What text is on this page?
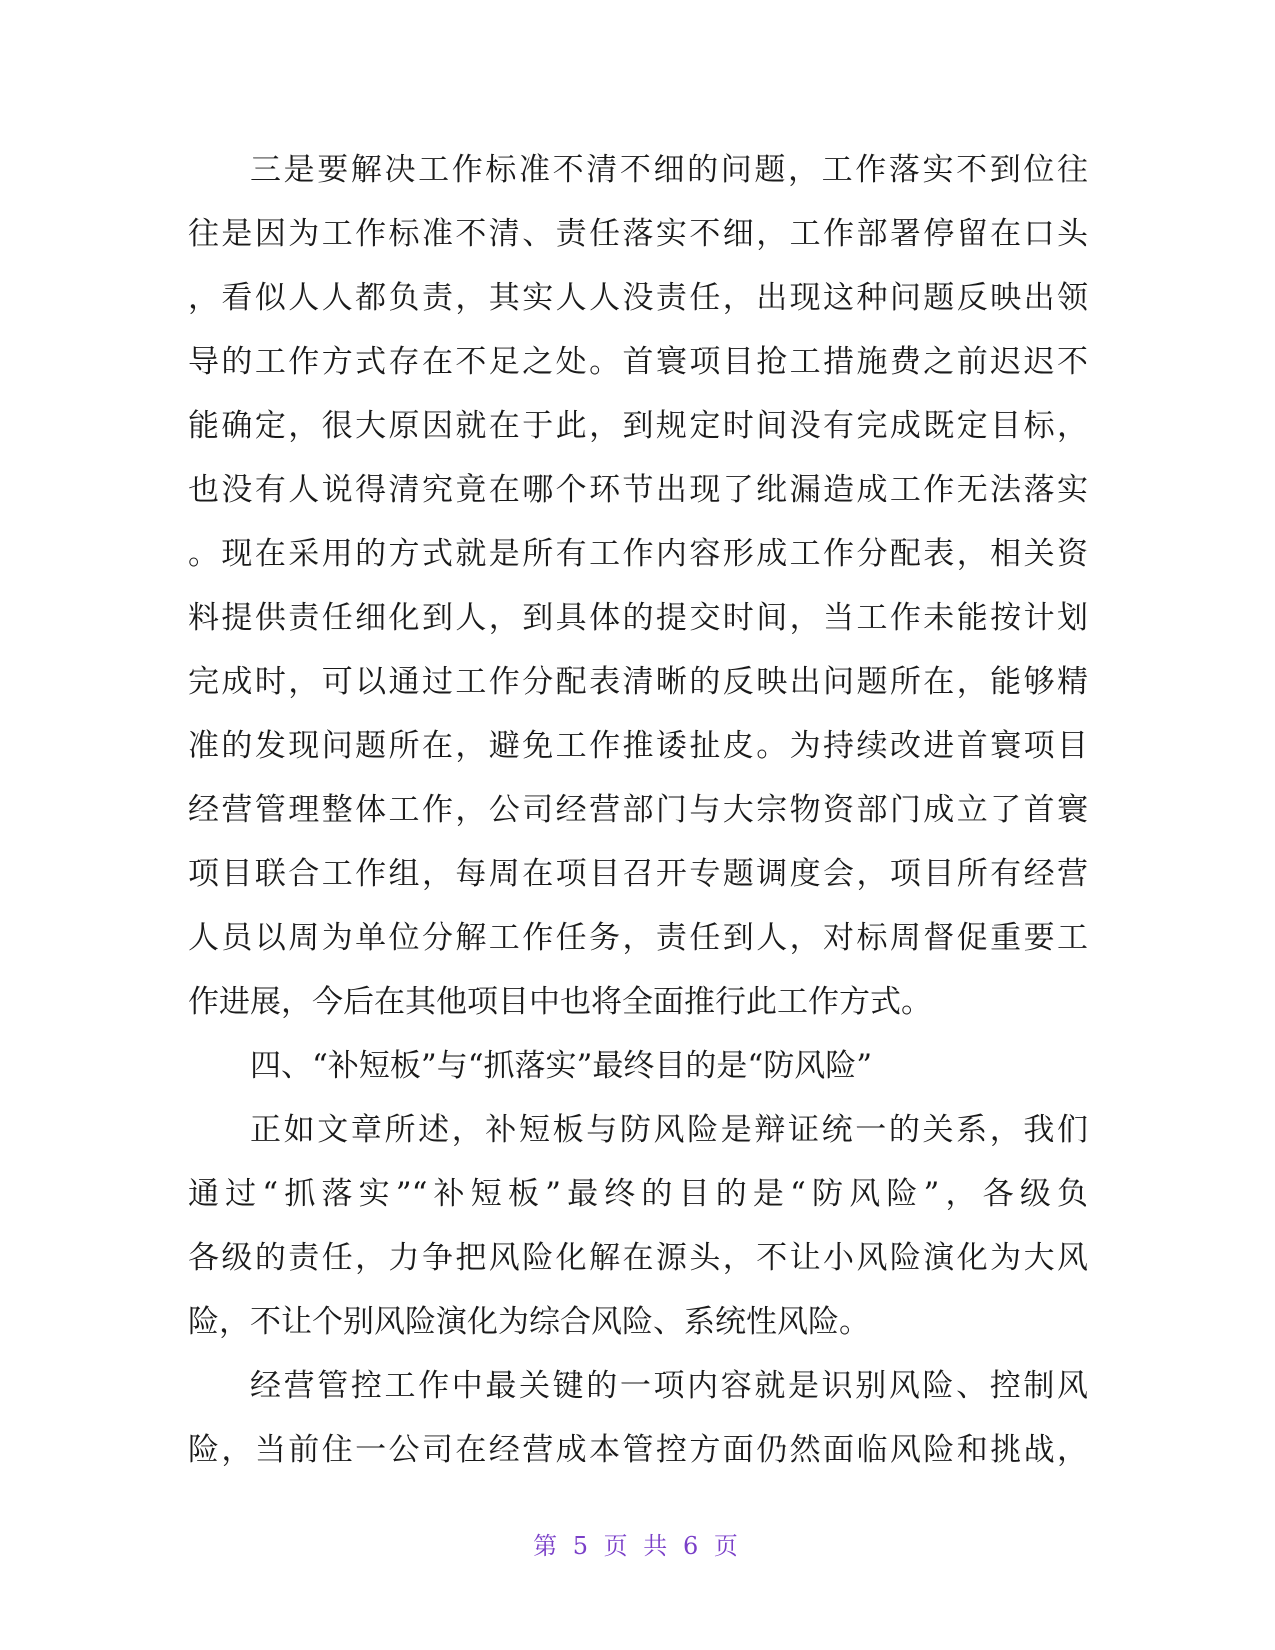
三是要解决工作标准不清不细的问题，工作落实不到位往
往是因为工作标准不清、责任落实不细，工作部署停留在口头
，看似人人都负责，其实人人没责任，出现这种问题反映出领
导的工作方式存在不足之处。首寰项目抢工措施费之前迟迟不
能确定，很大原因就在于此，到规定时间没有完成既定目标，
也没有人说得清究竟在哪个环节出现了纰漏造成工作无法落实
。现在采用的方式就是所有工作内容形成工作分配表，相关资
料提供责任细化到人，到具体的提交时间，当工作未能按计划
完成时，可以通过工作分配表清晰的反映出问题所在，能够精
准的发现问题所在，避免工作推诿扯皮。为持续改进首寰项目
经营管理整体工作，公司经营部门与大宗物资部门成立了首寰
项目联合工作组，每周在项目召开专题调度会，项目所有经营
人员以周为单位分解工作任务，责任到人，对标周督促重要工
作进展，今后在其他项目中也将全面推行此工作方式。
四、“补短板”与“抓落实”最终目的是“防风险”
正如文章所述，补短板与防风险是辩证统一的关系，我们
通过“抓落实”“补短板”最终的目的是“防风险”，各级负
各级的责任，力争把风险化解在源头，不让小风险演化为大风
险，不让个别风险演化为综合风险、系统性风险。
经营管控工作中最关键的一项内容就是识别风险、控制风
险，当前住一公司在经营成本管控方面仍然面临风险和挑战，
第 5 页 共 6 页
